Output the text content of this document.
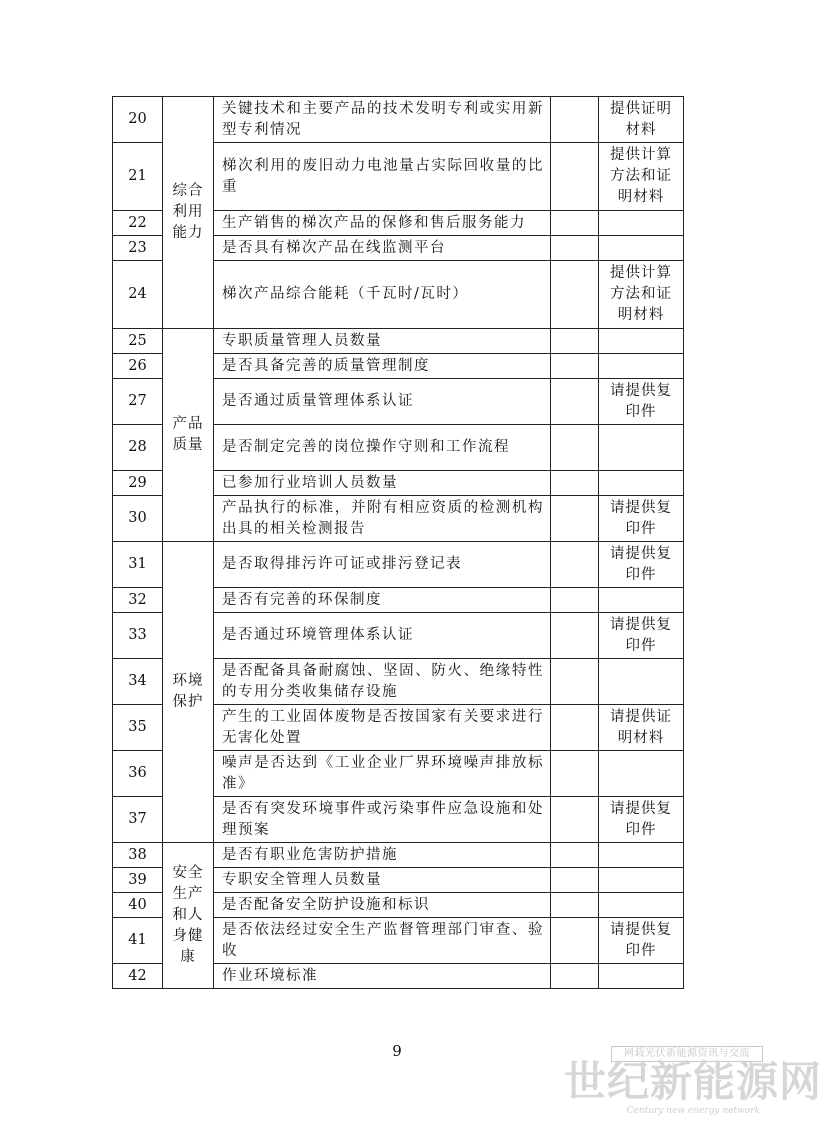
20	综合利用能力	关键技术和主要产品的技术发明专利或实用新型专利情况		提供证明材料

21		梯次利用的废旧动力电池量占实际回收量的比重		提供计算方法和证明材料

22		生产销售的梯次产品的保修和售后服务能力		

23		是否具有梯次产品在线监测平台		

24		梯次产品综合能耗（千瓦时/瓦时）		提供计算方法和证明材料

25	产品质量	专职质量管理人员数量		

26		是否具备完善的质量管理制度		

27		是否通过质量管理体系认证		请提供复印件

28		是否制定完善的岗位操作守则和工作流程		

29		已参加行业培训人员数量		

30		产品执行的标准，并附有相应资质的检测机构出具的相关检测报告		请提供复印件

31	环境保护	是否取得排污许可证或排污登记表		请提供复印件

32		是否有完善的环保制度		

33		是否通过环境管理体系认证		请提供复印件

34		是否配备具备耐腐蚀、坚固、防火、绝缘特性的专用分类收集储存设施		

35		产生的工业固体废物是否按国家有关要求进行无害化处置		请提供证明材料

36		噪声是否达到《工业企业厂界环境噪声排放标准》		

37		是否有突发环境事件或污染事件应急设施和处理预案		请提供复印件

38	安全生产和人身健康	是否有职业危害防护措施		

39		专职安全管理人员数量		

40		是否配备安全防护设施和标识		

41		是否依法经过安全生产监督管理部门审查、验收		请提供复印件

42		作业环境标准		
9	网载光伏新能源资讯与交流
世纪新能源网
Century new energy network
